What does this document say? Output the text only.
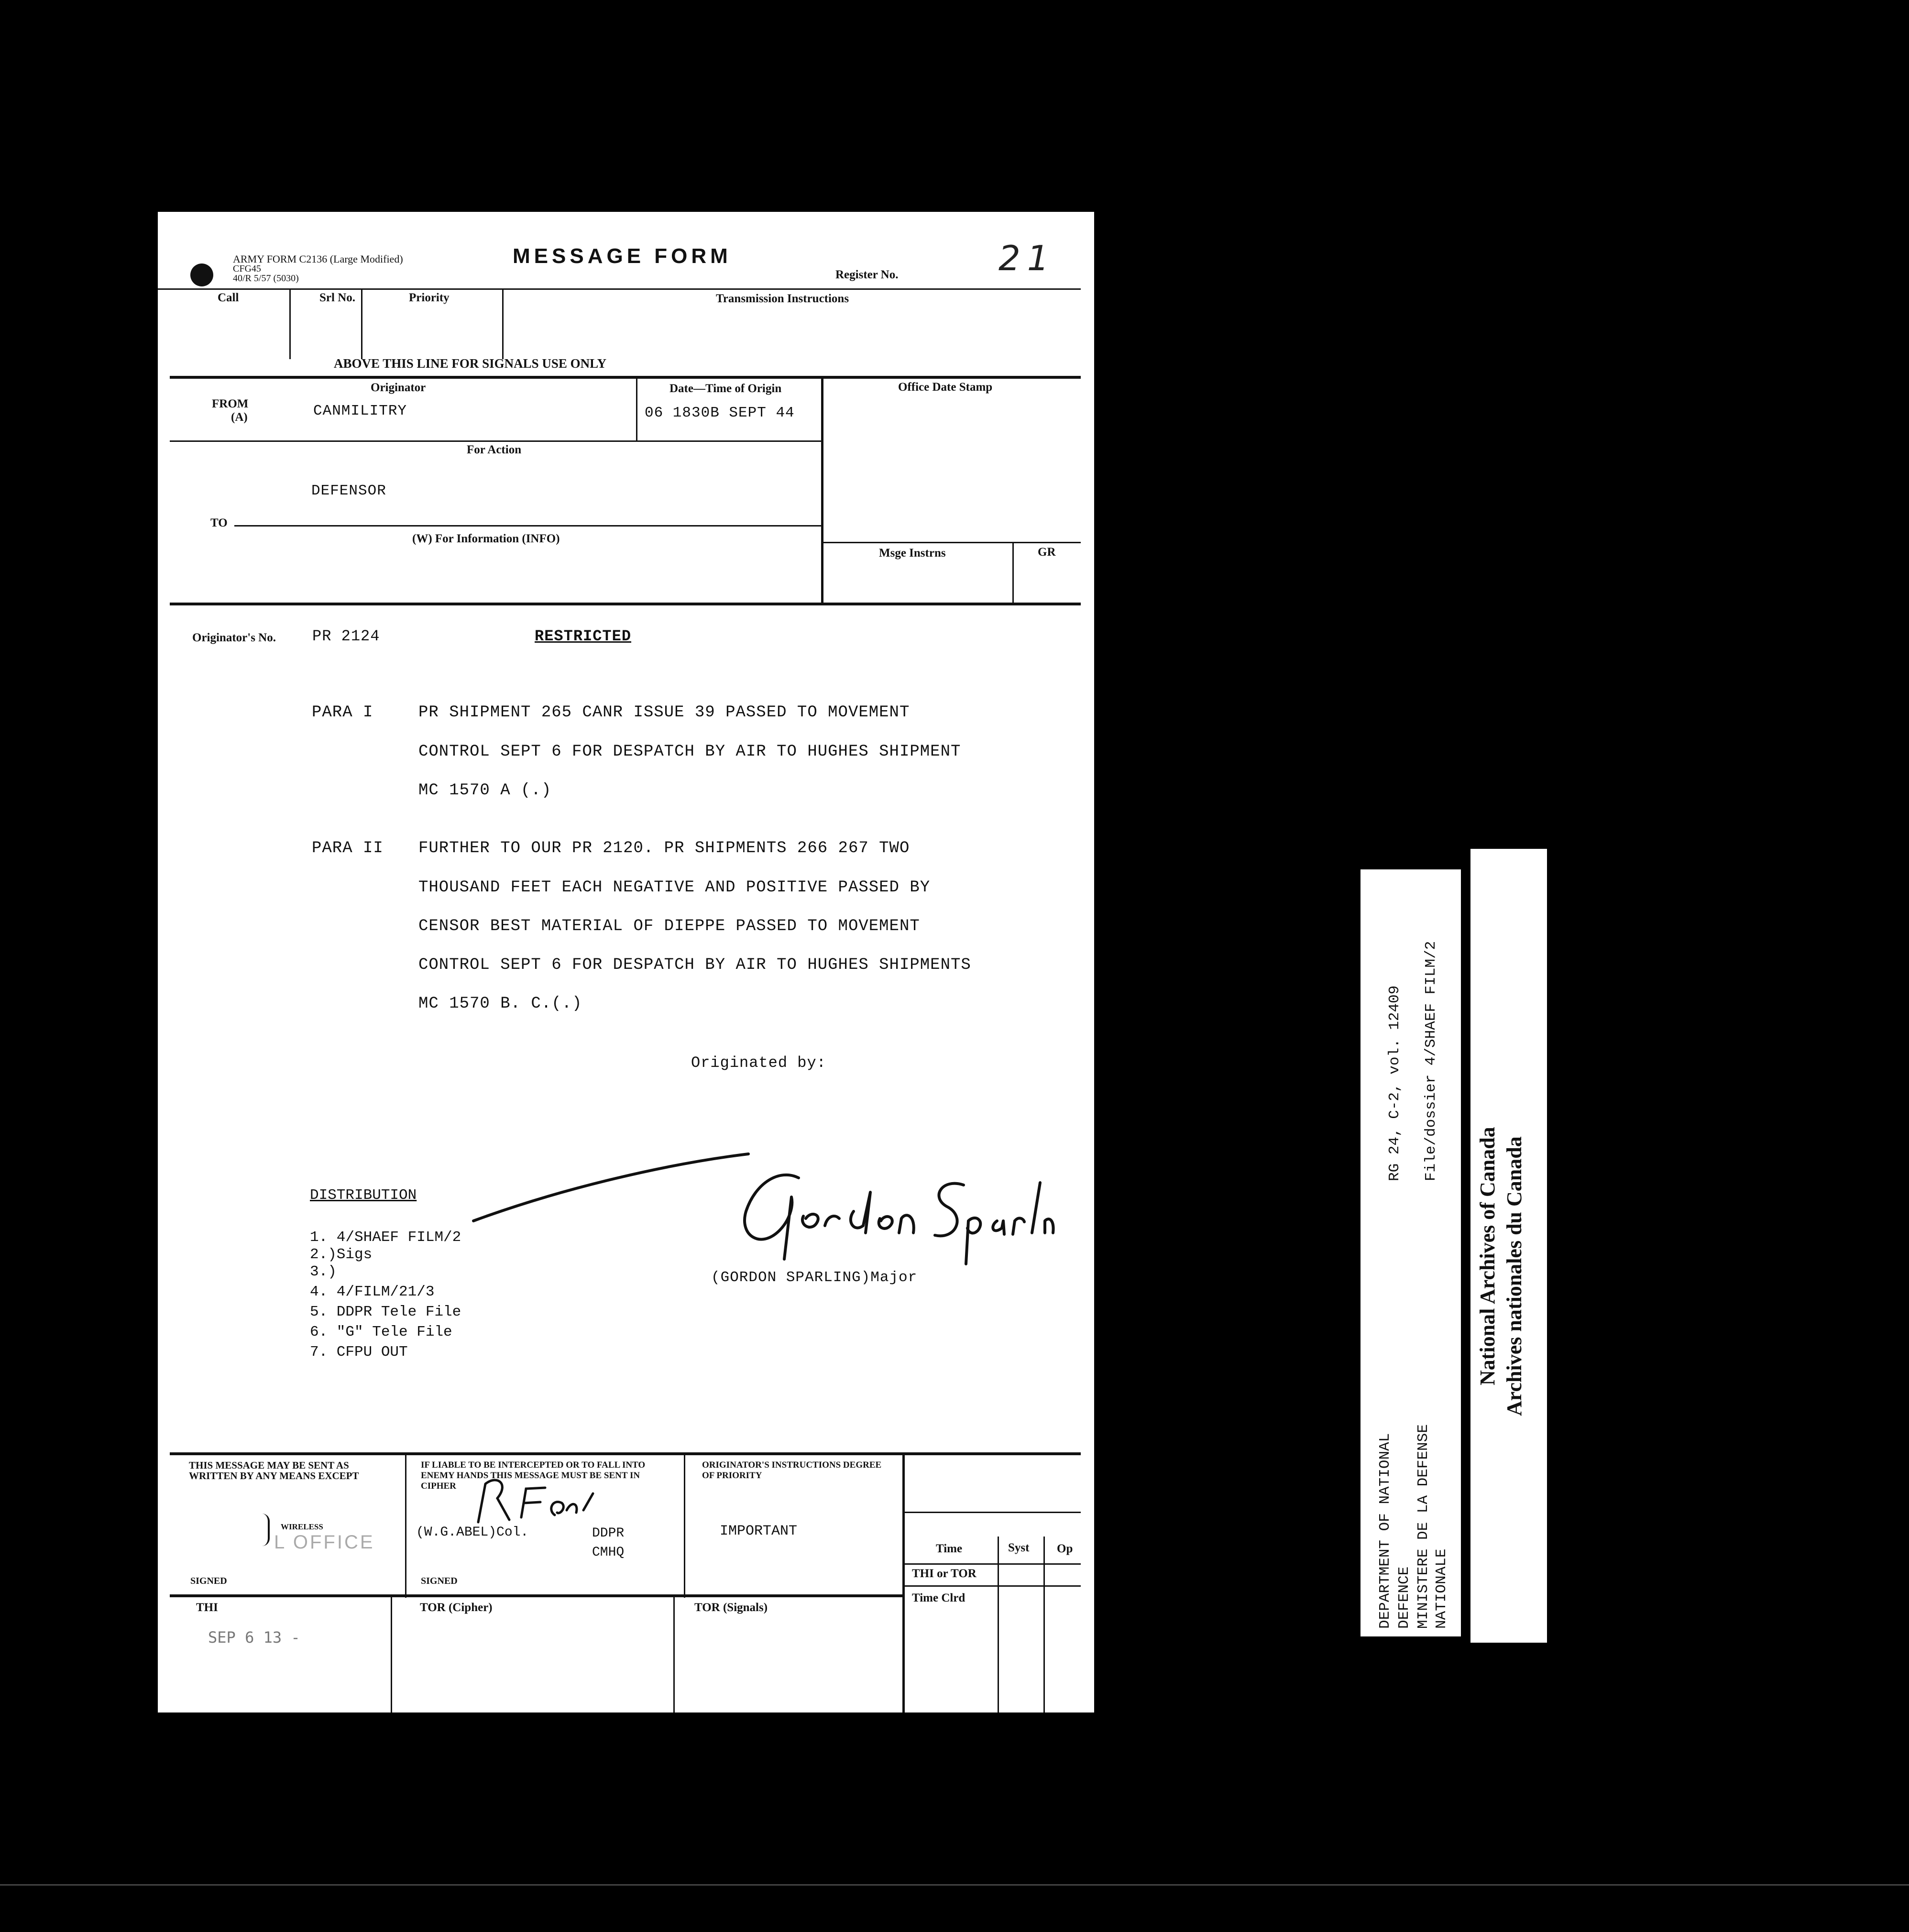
ARMY FORM C2136 (Large Modified)
CFG45
40/R 5/57 (5030)
MESSAGE FORM
Register No.	21
Call	Srl No.	Priority	Transmission Instructions
ABOVE THIS LINE FOR SIGNALS USE ONLY
Originator	Date—Time of Origin	Office Date Stamp
FROM
(A)	CANMILITRY	06 1830B SEPT 44
For Action
DEFENSOR
TO
(W) For Information (INFO)
Msge Instrns	GR
Originator's No. PR 2124	RESTRICTED
PARA I	PR SHIPMENT 265 CANR ISSUE 39 PASSED TO MOVEMENT
CONTROL SEPT 6 FOR DESPATCH BY AIR TO HUGHES SHIPMENT
MC 1570 A (.)
PARA II FURTHER TO OUR PR 2120. PR SHIPMENTS 266 267 TWO
THOUSAND FEET EACH NEGATIVE AND POSITIVE PASSED BY
CENSOR BEST MATERIAL OF DIEPPE PASSED TO MOVEMENT
CONTROL SEPT 6 FOR DESPATCH BY AIR TO HUGHES SHIPMENTS
MC 1570 B. C.(.)
Originated by:
(GORDON SPARLING)Major
DISTRIBUTION
1. 4/SHAEF FILM/2
2.)Sigs
3.)
4. 4/FILM/21/3
5. DDPR Tele File
6. "G" Tele File
7. CFPU OUT
THIS MESSAGE MAY BE SENT AS WRITTEN BY ANY MEANS EXCEPT
WIRELESS
L OFFICE
SIGNED
IF LIABLE TO BE INTERCEPTED OR TO FALL INTO ENEMY HANDS THIS MESSAGE MUST BE SENT IN CIPHER
(W.G.ABEL)Col.	DDPR
CMHQ
SIGNED
ORIGINATOR'S INSTRUCTIONS DEGREE OF PRIORITY
IMPORTANT
Time	Syst Op
THI or TOR
Time Clrd
THI	TOR (Cipher)	TOR (Signals)
SEP 6 13 -
DEPARTMENT OF NATIONAL DEFENCE MINISTERE DE LA DEFENSE NATIONALE
RG 24, C-2, vol. 12409 File/dossier 4/SHAEF FILM/2
National Archives of Canada Archives nationales du Canada
